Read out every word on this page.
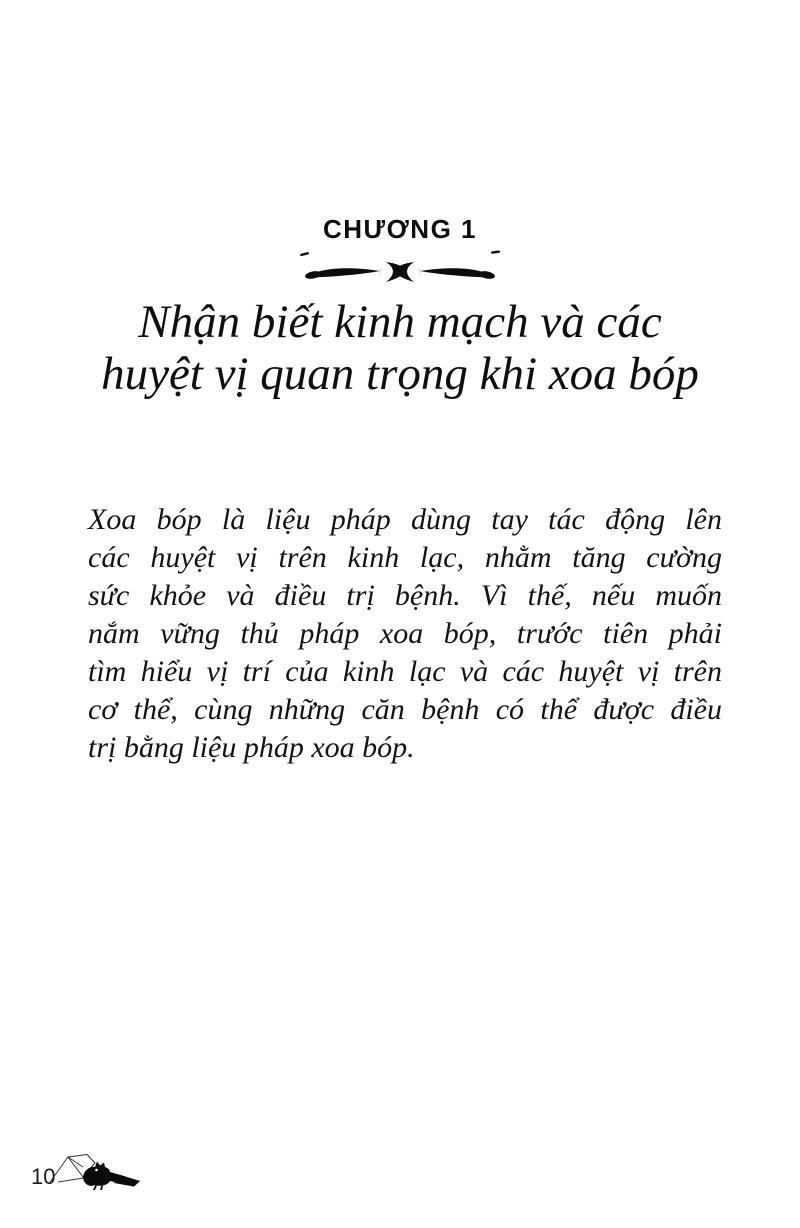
CHƯƠNG 1
Nhận biết kinh mạch và các
huyệt vị quan trọng khi xoa bóp
Xoa bóp là liệu pháp dùng tay tác động lên
các huyệt vị trên kinh lạc, nhằm tăng cường
sức khỏe và điều trị bệnh. Vì thế, nếu muốn
nắm vững thủ pháp xoa bóp, trước tiên phải
tìm hiểu vị trí của kinh lạc và các huyệt vị trên
cơ thể, cùng những căn bệnh có thể được điều
trị bằng liệu pháp xoa bóp.
10
